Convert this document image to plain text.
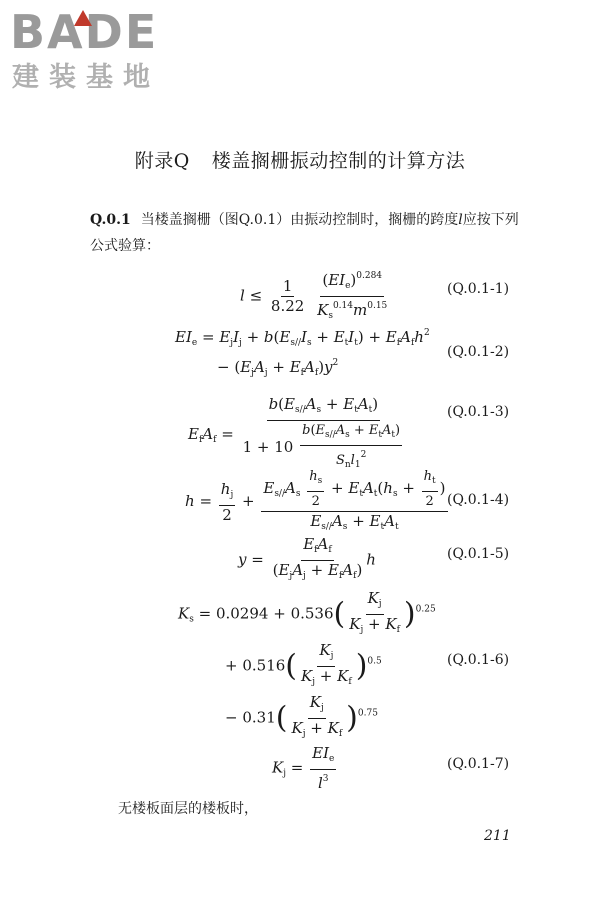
BADE
建装基地
附录Q 楼盖搁栅振动控制的计算方法
Q.0.1 当楼盖搁栅（图Q.0.1）由振动控制时，搁栅的跨度l应按下列公式验算：
$l \le \frac{1}{8.22}$
$\frac{(EI_e)^{0.284}}{K_s^{0.14}m^{0.15}}$	(Q.0.1-1)
$EI_e = E_jI_j + b(E_{s//}I_s + E_tI_t) + E_fA_fh^2$
− $(E_jA_j + E_fA_f)y^2$
(Q.0.1-2)
$E_fA_f = \frac{b(E_{s//}A_s + E_tA_t)}{1 + 10 \frac{b(E_{s//}A_s + E_tA_t)}{S_nl_1^2}}$	(Q.0.1-3)
$h = \frac{h_j}{2} + \frac{E_{s//}A_s \frac{h_s}{2} + E_tA_t(h_s + \frac{h_t}{2} )}{E_{s//}A_s + E_tA_t} (Q.0.1-4)$
$y = \frac{E_fA_f}{(E_jA_j + E_fA_f)}$ h	(Q.0.1-5)
$K_s = 0.0294 + 0.536( \frac{K_j}{K_j + K_f} )^{0.25}$
+ $0.516( \frac{K_j}{K_j + K_f} )^{0.5}$	(Q.0.1-6)
− $0.31( \frac{K_j}{K_j + K_f} )^{0.75}$
$K_j = \frac{EI_e}{l^3}$	(Q.0.1-7)
无楼板面层的楼板时，
211
